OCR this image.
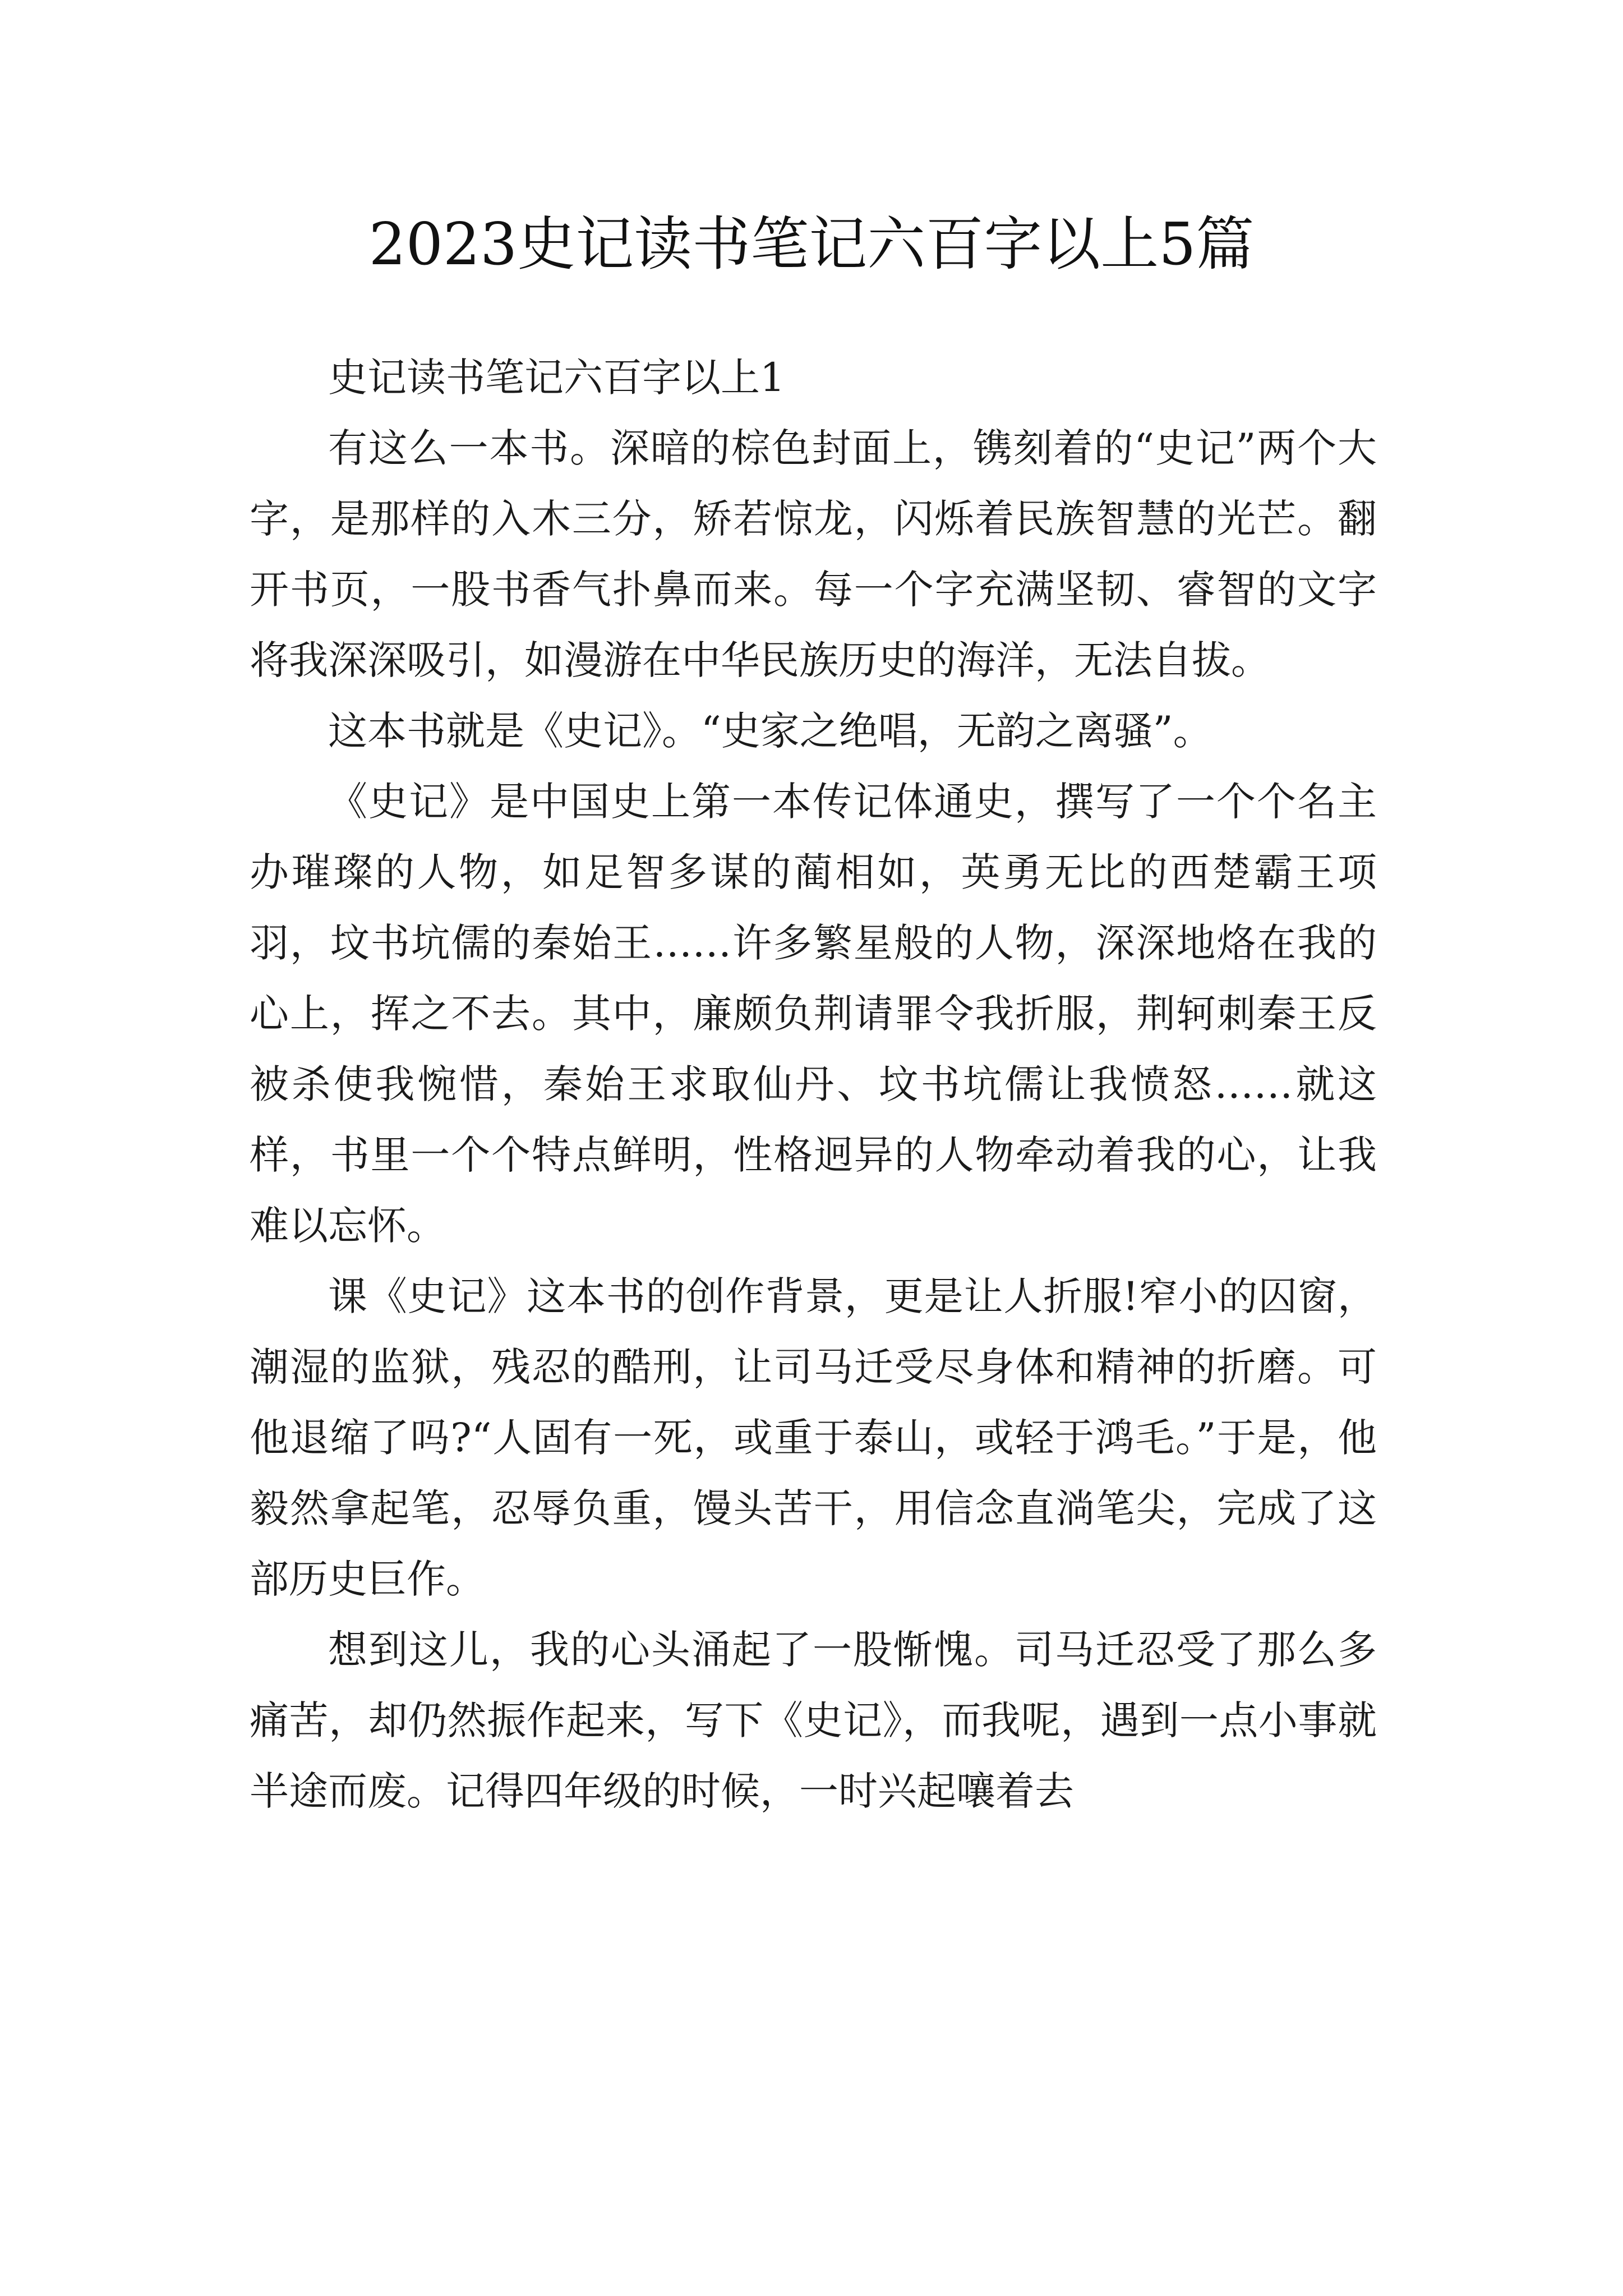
2023史记读书笔记六百字以上5篇

史记读书笔记六百字以上1

有这么一本书。深暗的棕色封面上，镌刻着的“史记”两个大字，是那样的入木三分，矫若惊龙，闪烁着民族智慧的光芒。翻开书页，一股书香气扑鼻而来。每一个字充满坚韧、睿智的文字将我深深吸引，如漫游在中华民族历史的海洋，无法自拔。

这本书就是《史记》。“史家之绝唱，无韵之离骚”。

《史记》是中国史上第一本传记体通史，撰写了一个个名主办璀璨的人物，如足智多谋的蔺相如，英勇无比的西楚霸王项羽，坟书坑儒的秦始王……许多繁星般的人物，深深地烙在我的心上，挥之不去。其中，廉颇负荆请罪令我折服，荆轲刺秦王反被杀使我惋惜，秦始王求取仙丹、坟书坑儒让我愤怒……就这样，书里一个个特点鲜明，性格迥异的人物牵动着我的心，让我难以忘怀。

课《史记》这本书的创作背景，更是让人折服!窄小的囚窗，潮湿的监狱，残忍的酷刑，让司马迁受尽身体和精神的折磨。可他退缩了吗?“人固有一死，或重于泰山，或轻于鸿毛。”于是，他毅然拿起笔，忍辱负重，馒头苦干，用信念直淌笔尖，完成了这部历史巨作。

想到这儿，我的心头涌起了一股惭愧。司马迁忍受了那么多痛苦，却仍然振作起来，写下《史记》，而我呢，遇到一点小事就半途而废。记得四年级的时候，一时兴起嚷着去
